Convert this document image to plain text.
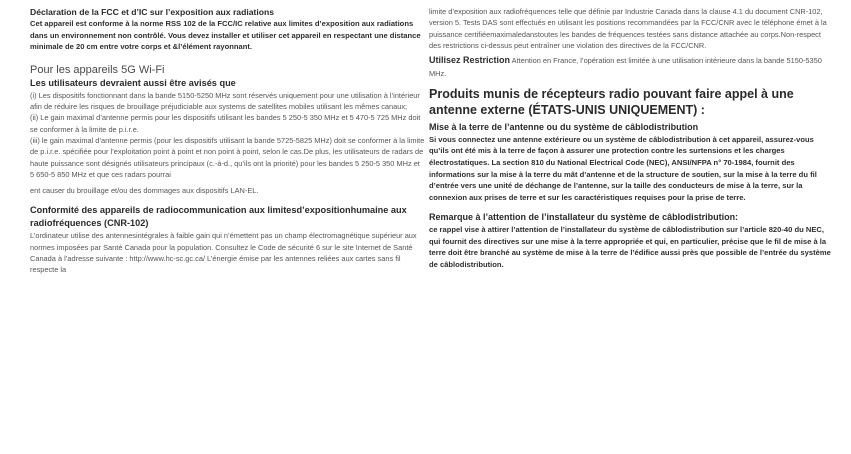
Déclaration de la FCC et d’IC sur l’exposition aux radiations

Cet appareil est conforme à la norme RSS 102 de la FCC/IC relative aux limites d’exposition aux radiations dans un environnement non contrôlé. Vous devez installer et utiliser cet appareil en respectant une distance minimale de 20 cm entre votre corps et &l’élément rayonnant.

Pour les appareils 5G Wi-Fi

Les utilisateurs devraient aussi être avisés que

(i) Les dispositifs fonctionnant dans la bande 5150-5250 MHz sont réservés uniquement pour une utilisation à l’intérieur afin de réduire les risques de brouillage préjudiciable aux systems de satellites mobiles utilisant les mêmes canaux;

(ii) Le gain maximal d’antenne permis pour les dispositifs utilisant les bandes 5 250-5 350 MHz et 5 470-5 725 MHz doit se conformer à la limite de p.i.r.e.

(iii) le gain maximal d’antenne permis (pour les dispositifs utilisant la bande 5725-5825 MHz) doit se conformer à la limite de p.i.r.e. spécifiée pour l’exploitation point à point et non point à point, selon le cas.De plus, les utilisateurs de radars de haute puissance sont désignés utilisateurs principaux (c.-à-d., qu’ils ont la priorité) pour les bandes 5 250-5 350 MHz et 5 650-5 850 MHz et que ces radars pourrai

ent causer du brouillage et/ou des dommages aux dispositifs LAN-EL.

Conformité des appareils de radiocommunication aux limitesd’expositionhumaine aux radiofréquences (CNR-102)

L’ordinateur utilise des antennesintégrales à faible gain qui n’émettent pas un champ électromagnétique supérieur aux normes imposées par Santé Canada pour la population. Consultez le Code de sécurité 6 sur le site Internet de Santé Canada à l’adresse suivante : http://www.hc-sc.gc.ca/ L’énergie émise par les antennes reliées aux cartes sans fil respecte la

limite d’exposition aux radiofréquences telle que définie par Industrie Canada dans la clause 4.1 du document CNR-102, version 5. Tests DAS sont effectués en utilisant les positions recommandées par la FCC/CNR avec le téléphone émet à la puissance certifiéemaximaledanstoutes les bandes de fréquences testées sans distance attachée au corps.Non-respect des restrictions ci-dessus peut entraîner une violation des directives de la FCC/CNR.

Utilisez Restriction Attention en France, l’opération est limitée à une utilisation intérieure dans la bande 5150-5350 MHz.

Produits munis de récepteurs radio pouvant faire appel à une antenne externe (ÉTATS-UNIS UNIQUEMENT) :

Mise à la terre de l’antenne ou du système de câblodistribution

Si vous connectez une antenne extérieure ou un système de câblodistribution à cet appareil, assurez-vous qu’ils ont été mis à la terre de façon à assurer une protection contre les surtensions et les charges électrostatiques. La section 810 du National Electrical Code (NEC), ANSI/NFPA n° 70-1984, fournit des informations sur la mise à la terre du mât d’antenne et de la structure de soutien, sur la mise à la terre du fil d’entrée vers une unité de déchange de l’antenne, sur la taille des conducteurs de mise à la terre, sur la connexion aux prises de terre et sur les caractéristiques requises pour la prise de terre.

Remarque à l’attention de l’installateur du système de câblodistribution:

ce rappel vise à attirer l’attention de l’installateur du système de câblodistribution sur l’article 820-40 du NEC, qui fournit des directives sur une mise à la terre appropriée et qui, en particulier, précise que le fil de mise à la terre doit être branché au système de mise à la terre de l’édifice aussi près que possible de l’entrée du système de câblodistribution.
